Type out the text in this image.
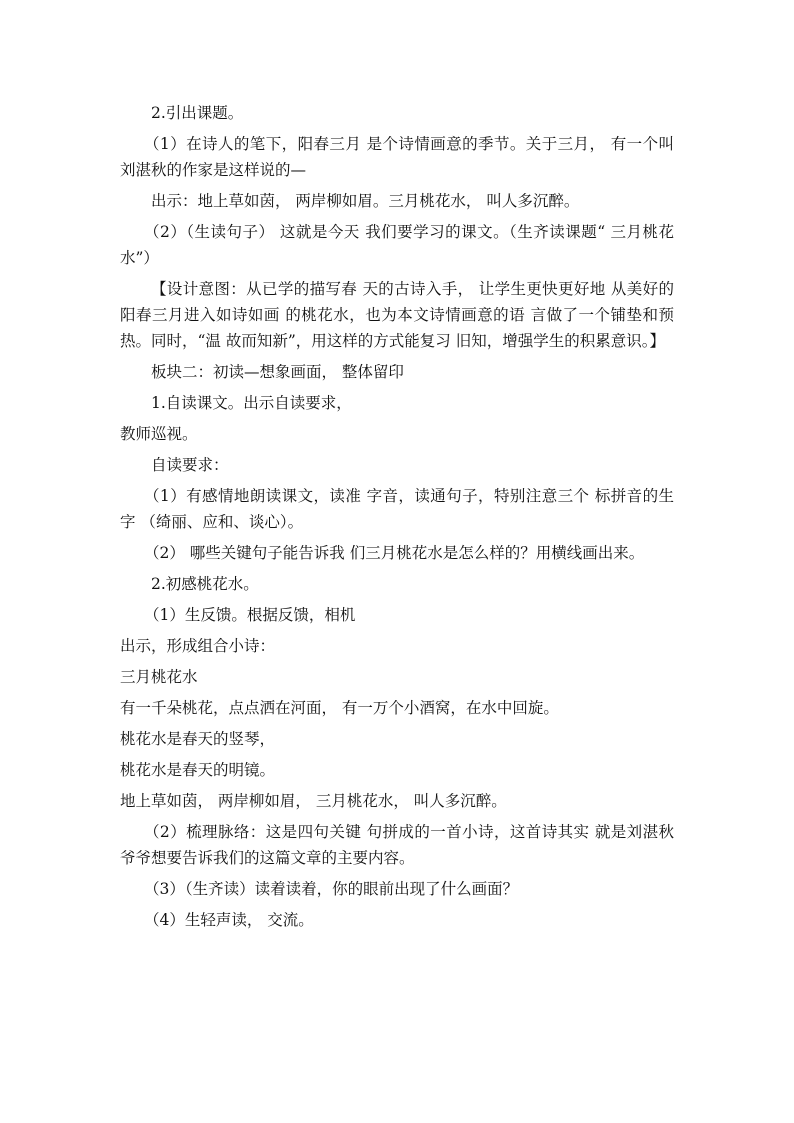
2.引出课题。

（1）在诗人的笔下，阳春三月 是个诗情画意的季节。关于三月， 有一个叫刘湛秋的作家是这样说的—

出示：地上草如茵， 两岸柳如眉。三月桃花水， 叫人多沉醉。

（2）（生读句子） 这就是今天 我们要学习的课文。（生齐读课题“ 三月桃花水”）

【设计意图：从已学的描写春 天的古诗入手， 让学生更快更好地 从美好的阳春三月进入如诗如画 的桃花水，也为本文诗情画意的语 言做了一个铺垫和预热。同时，“温 故而知新”，用这样的方式能复习 旧知，增强学生的积累意识。】

板块二：初读—想象画面， 整体留印

1.自读课文。出示自读要求，

教师巡视。

自读要求：

（1）有感情地朗读课文，读准 字音，读通句子，特别注意三个 标拼音的生字 （绮丽、应和、谈心）。

（2） 哪些关键句子能告诉我 们三月桃花水是怎么样的？用横线画出来。

2.初感桃花水。

（1）生反馈。根据反馈，相机

出示，形成组合小诗：

三月桃花水

有一千朵桃花，点点洒在河面， 有一万个小酒窝，在水中回旋。

桃花水是春天的竖琴，

桃花水是春天的明镜。

地上草如茵， 两岸柳如眉， 三月桃花水， 叫人多沉醉。

（2）梳理脉络：这是四句关键 句拼成的一首小诗，这首诗其实 就是刘湛秋爷爷想要告诉我们的这篇文章的主要内容。

（3）（生齐读）读着读着，你的眼前出现了什么画面？

（4）生轻声读， 交流。
